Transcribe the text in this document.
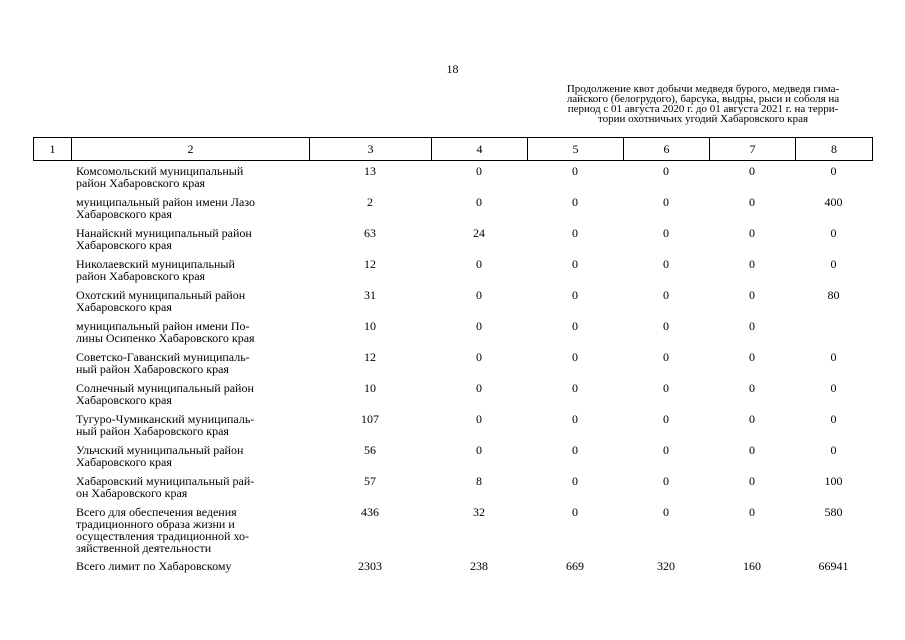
18
Продолжение квот добычи медведя бурого, медведя гима-
лайского (белогрудого), барсука, выдры, рыси и соболя на
период с 01 августа 2020 г. до 01 августа 2021 г. на терри-
тории охотничьих угодий Хабаровского края
1	2	3	4	5	6	7	8
Комсомольский муниципальный
район Хабаровского края	13	0	0	0	0	0

муниципальный район имени Лазо
Хабаровского края	2	0	0	0	0	400

Нанайский муниципальный район
Хабаровского края	63	24	0	0	0	0

Николаевский муниципальный
район Хабаровского края	12	0	0	0	0	0

Охотский муниципальный район
Хабаровского края	31	0	0	0	0	80

муниципальный район имени По-
лины Осипенко Хабаровского края	10	0	0	0	0	

Советско-Гаванский муниципаль-
ный район Хабаровского края	12	0	0	0	0	0

Солнечный муниципальный район
Хабаровского края	10	0	0	0	0	0

Тугуро-Чумиканский муниципаль-
ный район Хабаровского края	107	0	0	0	0	0

Ульчский муниципальный район
Хабаровского края	56	0	0	0	0	0

Хабаровский муниципальный рай-
он Хабаровского края	57	8	0	0	0	100

Всего для обеспечения ведения
традиционного образа жизни и
осуществления традиционной хо-
зяйственной деятельности	436	32	0	0	0	580

Всего лимит по Хабаровскому	2303	238	669	320	160	66941
